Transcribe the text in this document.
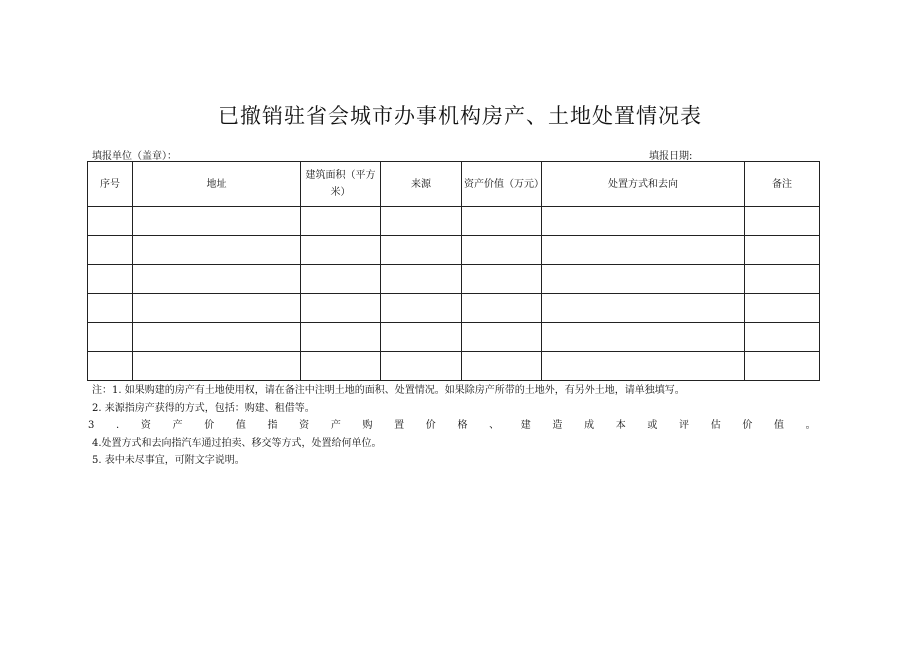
已撤销驻省会城市办事机构房产、土地处置情况表
填报单位（盖章）：	填报日期:
序号	地址	建筑面积（平方米）	来源	资产价值（万元）	处置方式和去向	备注

注：1. 如果购建的房产有土地使用权，请在备注中注明土地的面积、处置情况。如果除房产所带的土地外，有另外土地，请单独填写。
2. 来源指房产获得的方式，包括：购建、租借等。
3 . 资 产 价 值 指 资 产 购 置 价 格 、 建 造 成 本 或 评 估 价 值 。
4.处置方式和去向指汽车通过拍卖、移交等方式，处置给何单位。
5. 表中未尽事宜，可附文字说明。
